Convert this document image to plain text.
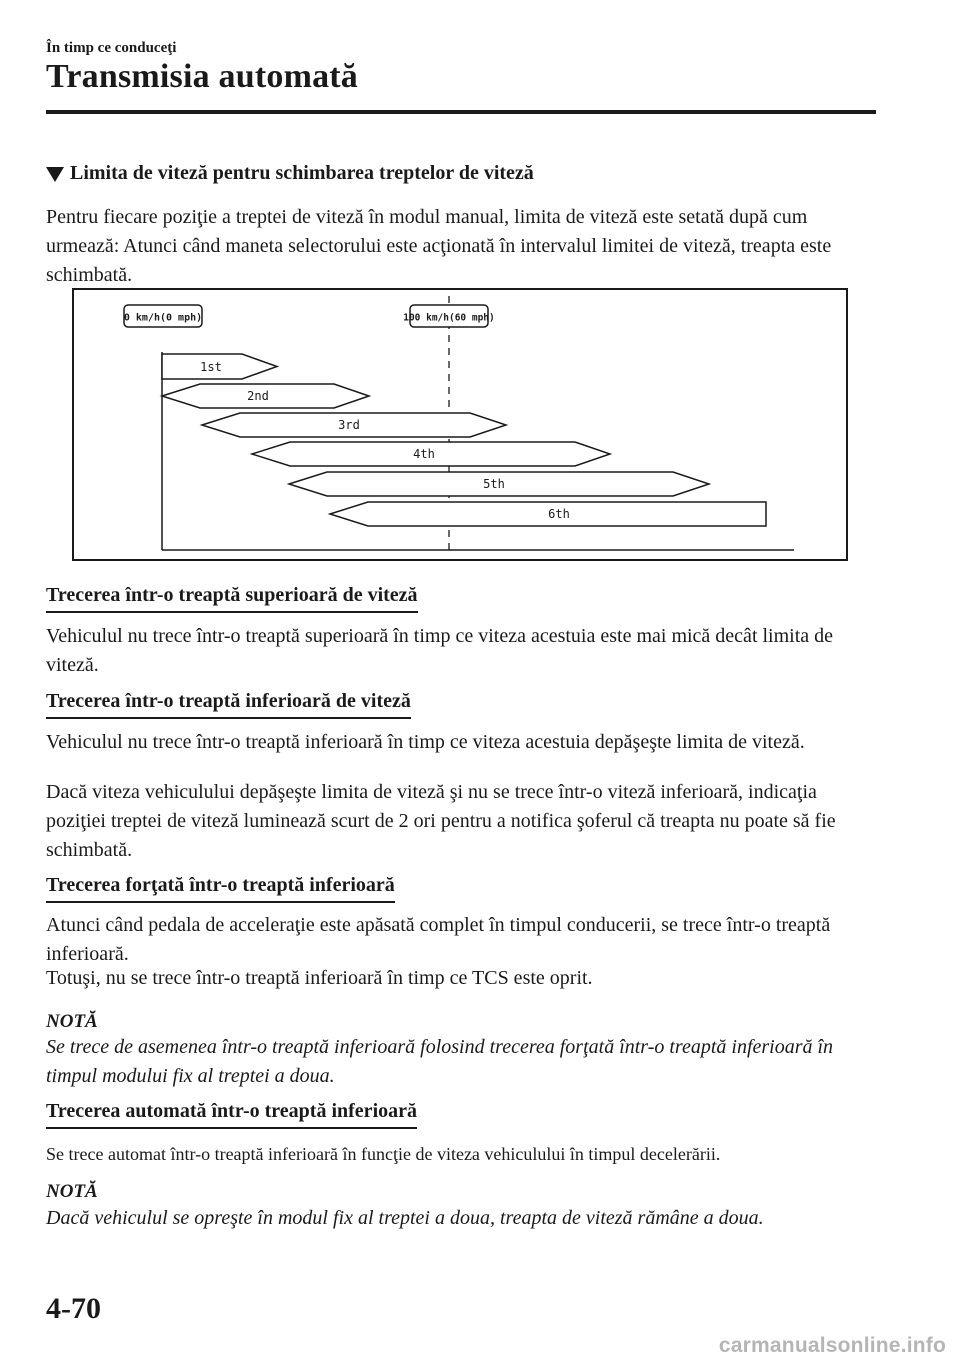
În timp ce conduceţi
Transmisia automată
Limita de viteză pentru schimbarea treptelor de viteză
Pentru fiecare poziţie a treptei de viteză în modul manual, limita de viteză este setată după cum urmează: Atunci când maneta selectorului este acţionată în intervalul limitei de viteză, treapta este schimbată.
0 km/h(0 mph)	100 km/h(60 mph)
1st
2nd
3rd
4th
5th
6th
Trecerea într-o treaptă superioară de viteză
Vehiculul nu trece într-o treaptă superioară în timp ce viteza acestuia este mai mică decât limita de viteză.
Trecerea într-o treaptă inferioară de viteză
Vehiculul nu trece într-o treaptă inferioară în timp ce viteza acestuia depăşeşte limita de viteză.
Dacă viteza vehiculului depăşeşte limita de viteză şi nu se trece într-o viteză inferioară, indicaţia poziţiei treptei de viteză luminează scurt de 2 ori pentru a notifica şoferul că treapta nu poate să fie schimbată.
Trecerea forţată într-o treaptă inferioară
Atunci când pedala de acceleraţie este apăsată complet în timpul conducerii, se trece într-o treaptă inferioară.
Totuşi, nu se trece într-o treaptă inferioară în timp ce TCS este oprit.
NOTĂ
Se trece de asemenea într-o treaptă inferioară folosind trecerea forţată într-o treaptă inferioară în timpul modului fix al treptei a doua.
Trecerea automată într-o treaptă inferioară
Se trece automat într-o treaptă inferioară în funcţie de viteza vehiculului în timpul decelerării.
NOTĂ
Dacă vehiculul se opreşte în modul fix al treptei a doua, treapta de viteză rămâne a doua.
4-70
carmanualsonline.info
